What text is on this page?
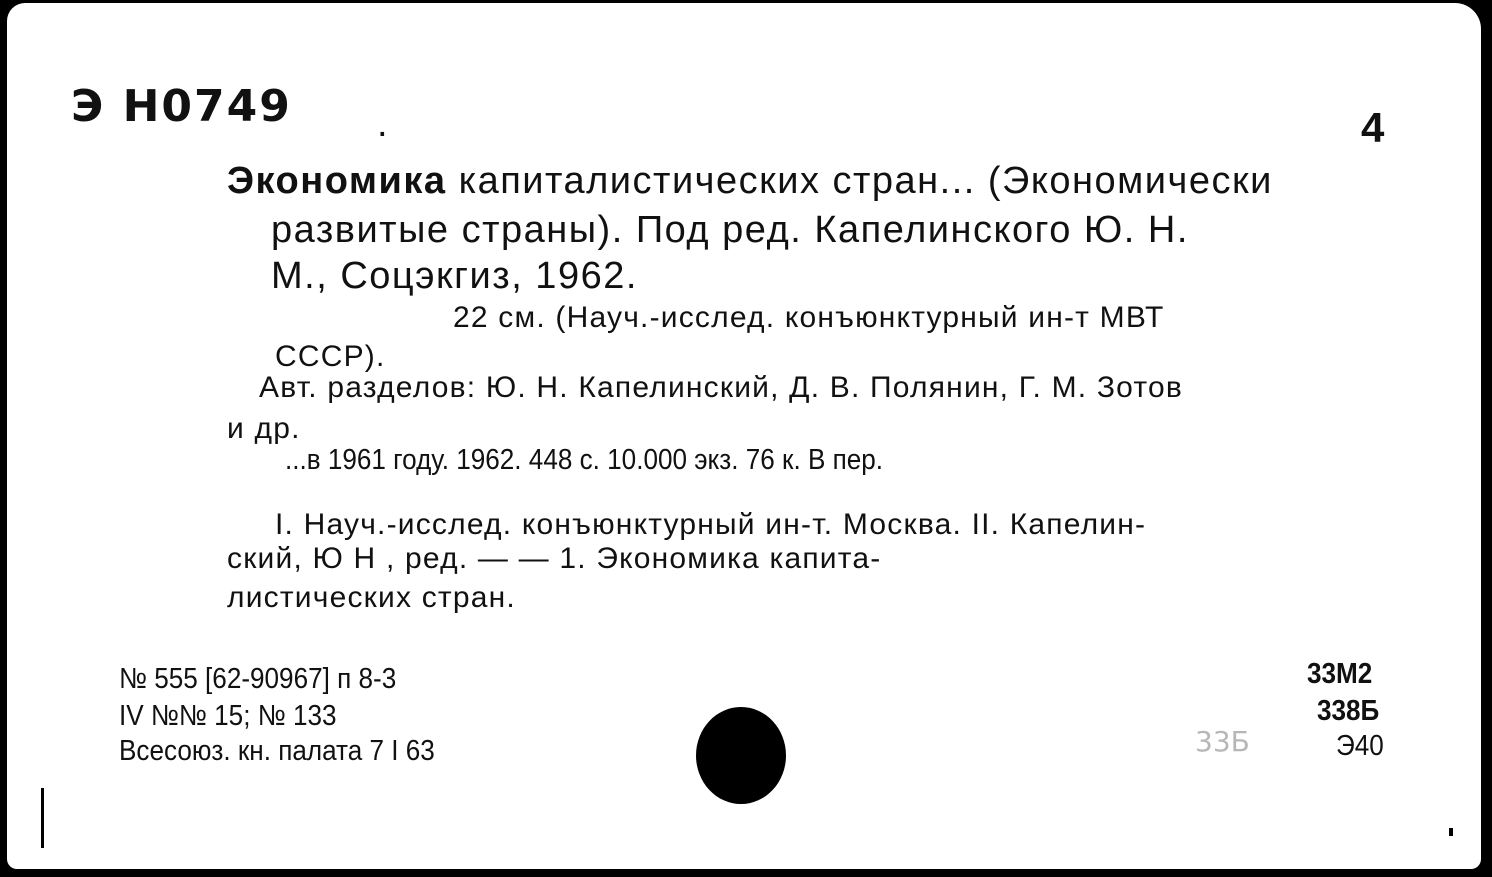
Э Н0749 .	4
Экономика капиталистических стран... (Экономически
развитые страны). Под ред. Капелинского Ю. Н.
М., Соцэкгиз, 1962.
22 см. (Науч.-исслед. конъюнктурный ин-т МВТ
СССР).
Авт. разделов: Ю. Н. Капелинский, Д. В. Полянин, Г. М. Зотов
и др.
...в 1961 году. 1962. 448 с. 10.000 экз. 76 к. В пер.
I. Науч.-исслед. конъюнктурный ин-т. Москва. II. Капелин-
ский, Ю Н , ред. — — 1. Экономика капита-
листических стран.
№ 555 [62-90967] п 8-3
IV №№ 15; № 133
Всесоюз. кн. палата 7 I 63
33М2
338Б
Э40
33Б
